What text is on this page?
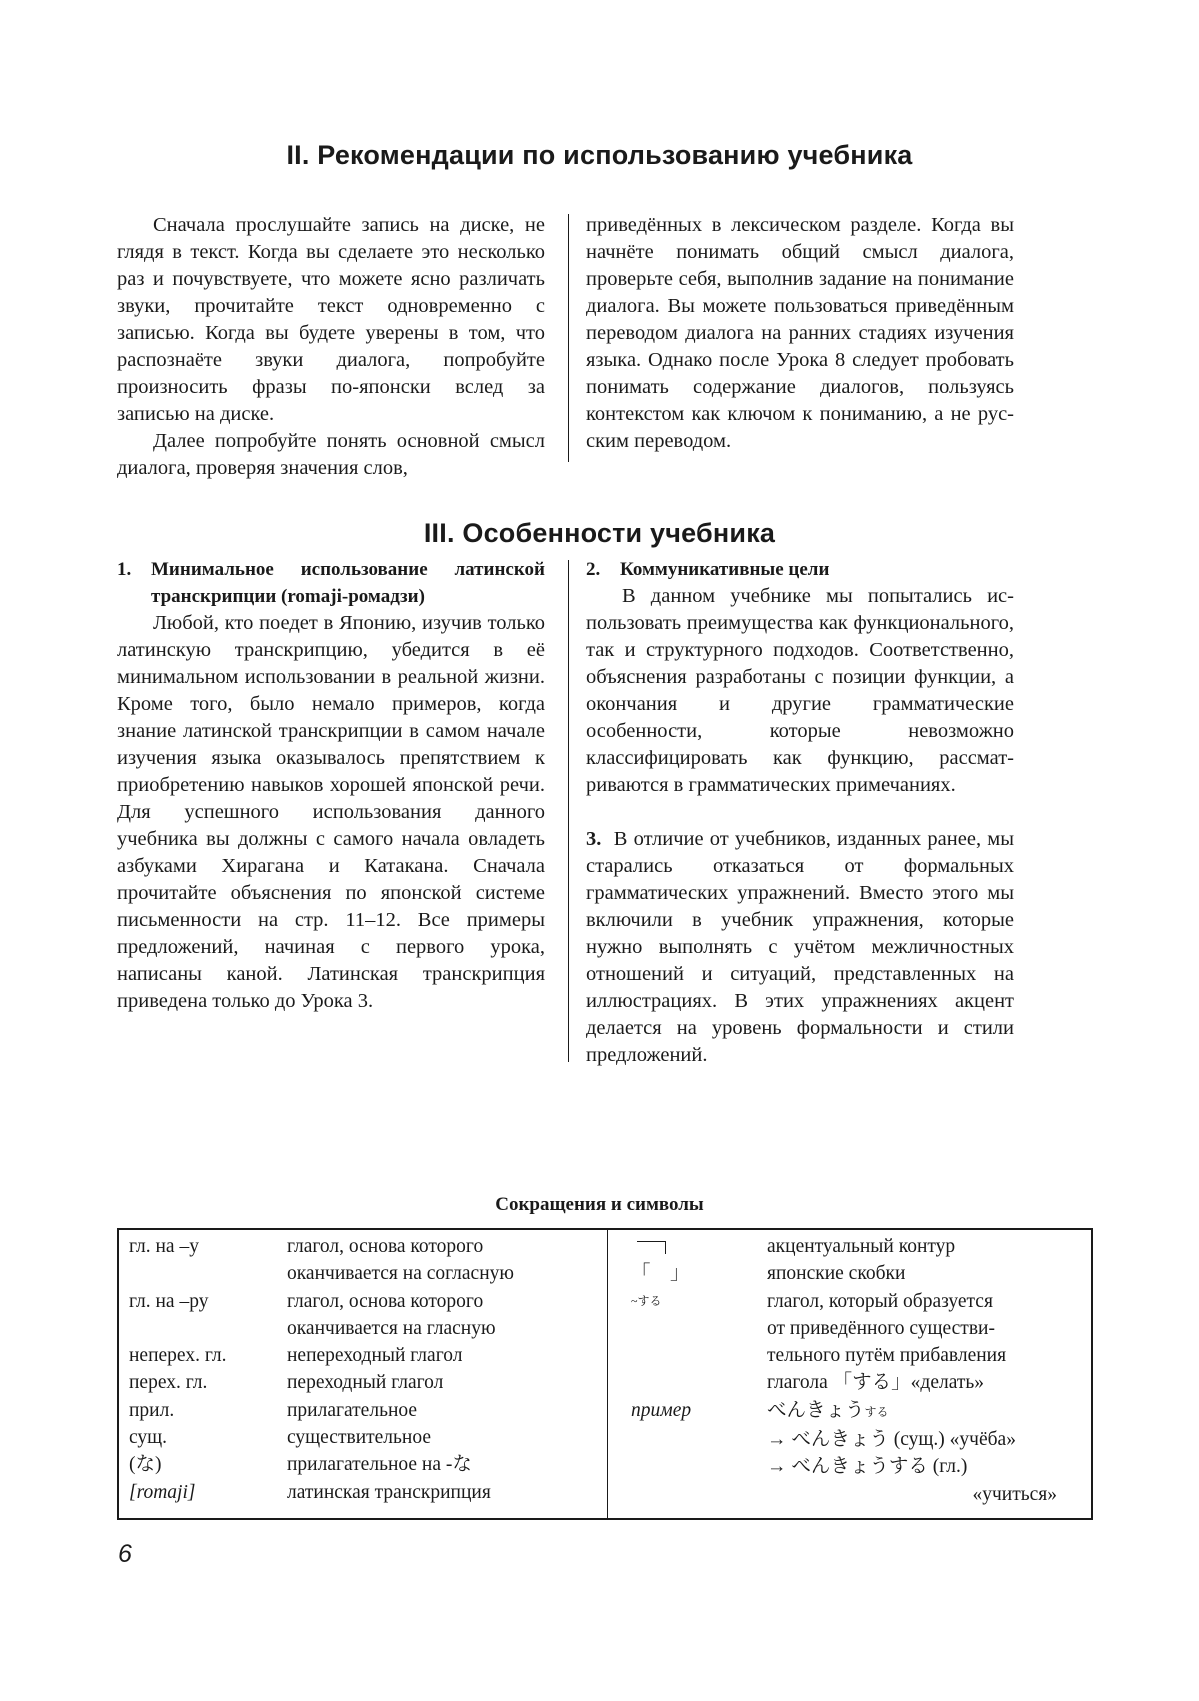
II. Рекомендации по использованию учебника

Сначала прослушайте запись на диске, не глядя в текст. Когда вы сделаете это несколько раз и почувствуете, что можете ясно различать звуки, прочитайте текст одновременно с записью. Когда вы будете уверены в том, что распознаёте звуки диалога, попробуйте произносить фразы по-японски вслед за записью на диске.

Далее попробуйте понять основной смысл диалога, проверяя значения слов,

приведённых в лексическом разделе. Когда вы начнёте понимать общий смысл диалога, проверьте себя, выполнив задание на понимание диалога. Вы можете пользоваться приведённым переводом диалога на ранних стадиях изучения языка. Однако после Урока 8 следует пробовать понимать содержание диалогов, пользуясь контекстом как ключом к пониманию, а не русским переводом.

III. Особенности учебника
1.	Минимальное использование латинской транскрипции (romaji-ромадзи)

Любой, кто поедет в Японию, изучив только латинскую транскрипцию, убедится в её минимальном использовании в реальной жизни. Кроме того, было немало примеров, когда знание латинской транскрипции в самом начале изучения языка оказывалось препятствием к приобретению навыков хорошей японской речи. Для успешного использования данного учебника вы должны с самого начала овладеть азбуками Хирагана и Катакана. Сначала прочитайте объяснения по японской системе письменности на стр. 11–12. Все примеры предложений, начиная с первого урока, написаны каной. Латинская транскрипция приведена только до Урока 3.

2.	Коммуникативные цели

В данном учебнике мы попытались использовать преимущества как функционального, так и структурного подходов. Соответственно, объяснения разработаны с позиции функции, а окончания и другие грамматические особенности, которые невозможно классифицировать как функцию, рассматриваются в грамматических примечаниях.

3. В отличие от учебников, изданных ранее, мы старались отказаться от формальных грамматических упражнений. Вместо этого мы включили в учебник упражнения, которые нужно выполнять с учётом межличностных отношений и ситуаций, представленных на иллюстрациях. В этих упражнениях акцент делается на уровень формальности и стили предложений.

Сокращения и символы
гл. на –у	глагол, основа которого
оканчивается на согласную
гл. на –ру	глагол, основа которого
оканчивается на гласную
неперех. гл.	непереходный глагол
перех. гл.	переходный глагол
прил.	прилагательное
сущ.	существительное
(な)	прилагательное на -な
[romaji]	латинская транскрипция
акцентуальный контур
「　」	японские скобки
~する	глагол, который образуется
от приведённого существи-
тельного путём прибавления
глагола 「する」«делать»
пример	べんきょうする
→ べんきょう (сущ.) «учёба»
→ べんきょうする (гл.)
«учиться»
6
